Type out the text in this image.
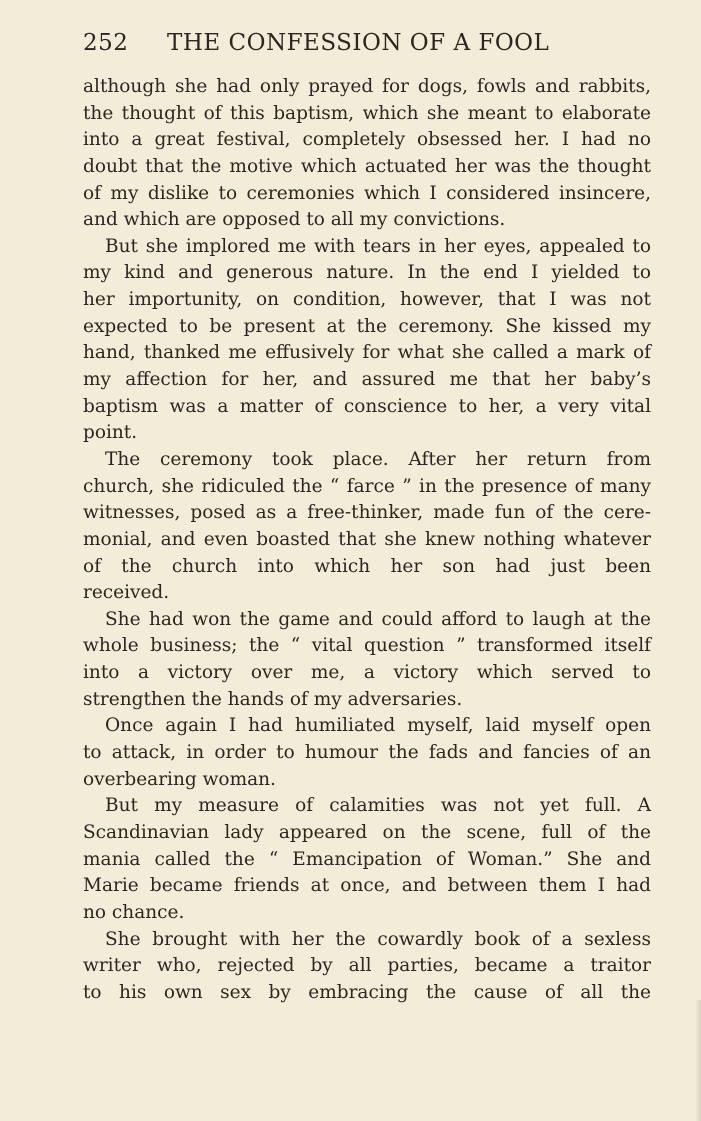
252 THE CONFESSION OF A FOOL
although she had only prayed for dogs, fowls and rabbits,
the thought of this baptism, which she meant to elaborate
into a great festival, completely obsessed her. I had no
doubt that the motive which actuated her was the thought
of my dislike to ceremonies which I considered insincere,
and which are opposed to all my convictions.
But she implored me with tears in her eyes, appealed to
my kind and generous nature. In the end I yielded to
her importunity, on condition, however, that I was not
expected to be present at the ceremony. She kissed my
hand, thanked me effusively for what she called a mark of
my affection for her, and assured me that her baby’s
baptism was a matter of conscience to her, a very vital
point.
The ceremony took place. After her return from
church, she ridiculed the “ farce ” in the presence of many
witnesses, posed as a free-thinker, made fun of the cere-
monial, and even boasted that she knew nothing whatever
of the church into which her son had just been
received.
She had won the game and could afford to laugh at the
whole business; the “ vital question ” transformed itself
into a victory over me, a victory which served to
strengthen the hands of my adversaries.
Once again I had humiliated myself, laid myself open
to attack, in order to humour the fads and fancies of an
overbearing woman.
But my measure of calamities was not yet full. A
Scandinavian lady appeared on the scene, full of the
mania called the “ Emancipation of Woman.” She and
Marie became friends at once, and between them I had
no chance.
She brought with her the cowardly book of a sexless
writer who, rejected by all parties, became a traitor
to his own sex by embracing the cause of all the
